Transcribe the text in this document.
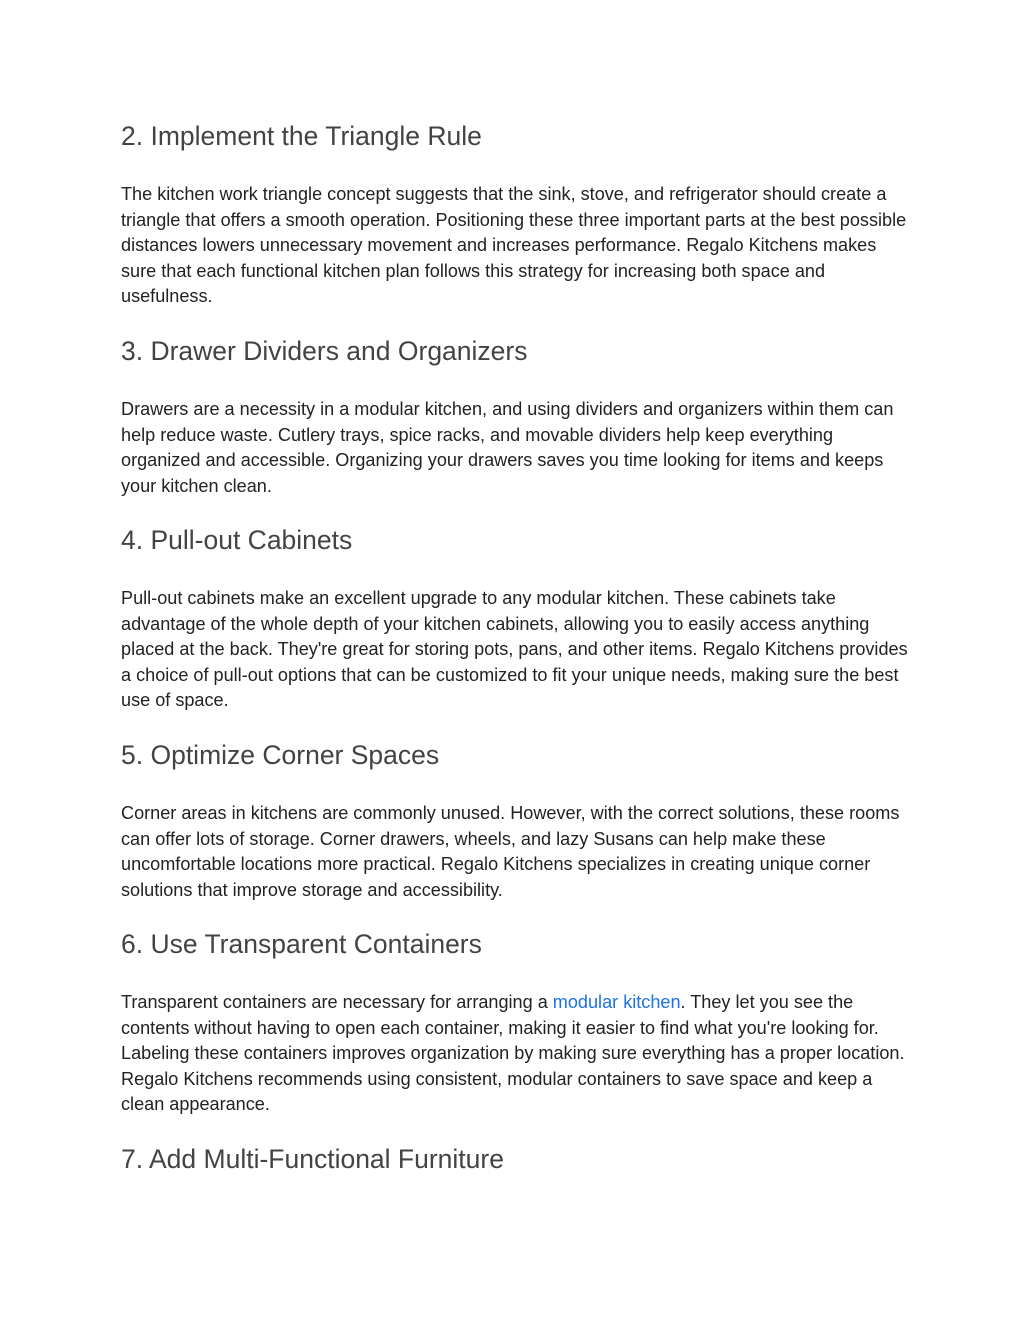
2. Implement the Triangle Rule

The kitchen work triangle concept suggests that the sink, stove, and refrigerator should create a triangle that offers a smooth operation. Positioning these three important parts at the best possible distances lowers unnecessary movement and increases performance. Regalo Kitchens makes sure that each functional kitchen plan follows this strategy for increasing both space and usefulness.

3. Drawer Dividers and Organizers

Drawers are a necessity in a modular kitchen, and using dividers and organizers within them can help reduce waste. Cutlery trays, spice racks, and movable dividers help keep everything organized and accessible. Organizing your drawers saves you time looking for items and keeps your kitchen clean.

4. Pull-out Cabinets

Pull-out cabinets make an excellent upgrade to any modular kitchen. These cabinets take advantage of the whole depth of your kitchen cabinets, allowing you to easily access anything placed at the back. They're great for storing pots, pans, and other items. Regalo Kitchens provides a choice of pull-out options that can be customized to fit your unique needs, making sure the best use of space.

5. Optimize Corner Spaces

Corner areas in kitchens are commonly unused. However, with the correct solutions, these rooms can offer lots of storage. Corner drawers, wheels, and lazy Susans can help make these uncomfortable locations more practical. Regalo Kitchens specializes in creating unique corner solutions that improve storage and accessibility.

6. Use Transparent Containers

Transparent containers are necessary for arranging a modular kitchen. They let you see the contents without having to open each container, making it easier to find what you're looking for. Labeling these containers improves organization by making sure everything has a proper location. Regalo Kitchens recommends using consistent, modular containers to save space and keep a clean appearance.

7. Add Multi-Functional Furniture
